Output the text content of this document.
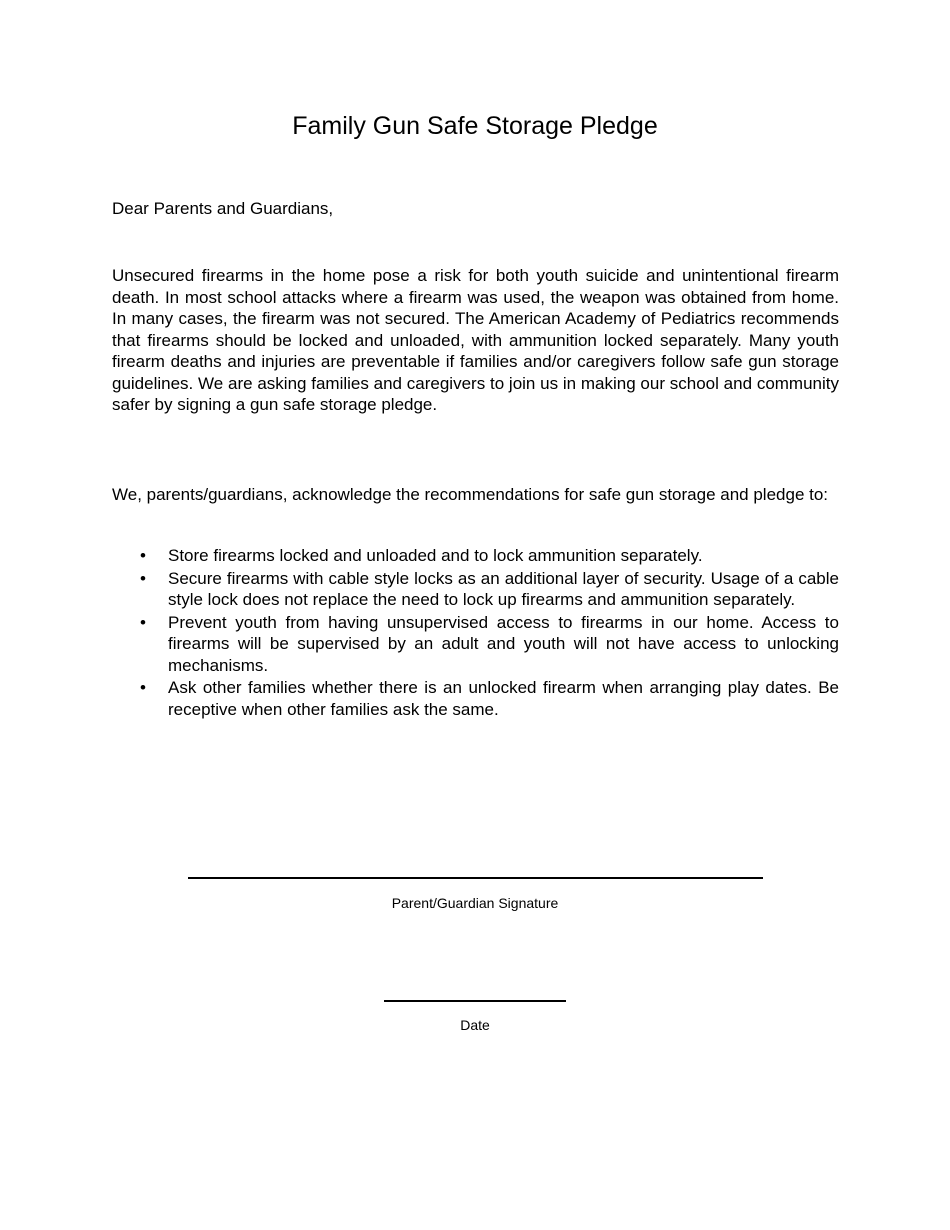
Family Gun Safe Storage Pledge

Dear Parents and Guardians,

Unsecured firearms in the home pose a risk for both youth suicide and unintentional firearm death. In most school attacks where a firearm was used, the weapon was obtained from home. In many cases, the firearm was not secured. The American Academy of Pediatrics recommends that firearms should be locked and unloaded, with ammunition locked separately. Many youth firearm deaths and injuries are preventable if families and/or caregivers follow safe gun storage guidelines. We are asking families and caregivers to join us in making our school and community safer by signing a gun safe storage pledge.

We, parents/guardians, acknowledge the recommendations for safe gun storage and pledge to:

• Store firearms locked and unloaded and to lock ammunition separately.
• Secure firearms with cable style locks as an additional layer of security. Usage of a cable style lock does not replace the need to lock up firearms and ammunition separately.
• Prevent youth from having unsupervised access to firearms in our home. Access to firearms will be supervised by an adult and youth will not have access to unlocking mechanisms.
• Ask other families whether there is an unlocked firearm when arranging play dates. Be receptive when other families ask the same.

Parent/Guardian Signature

Date
